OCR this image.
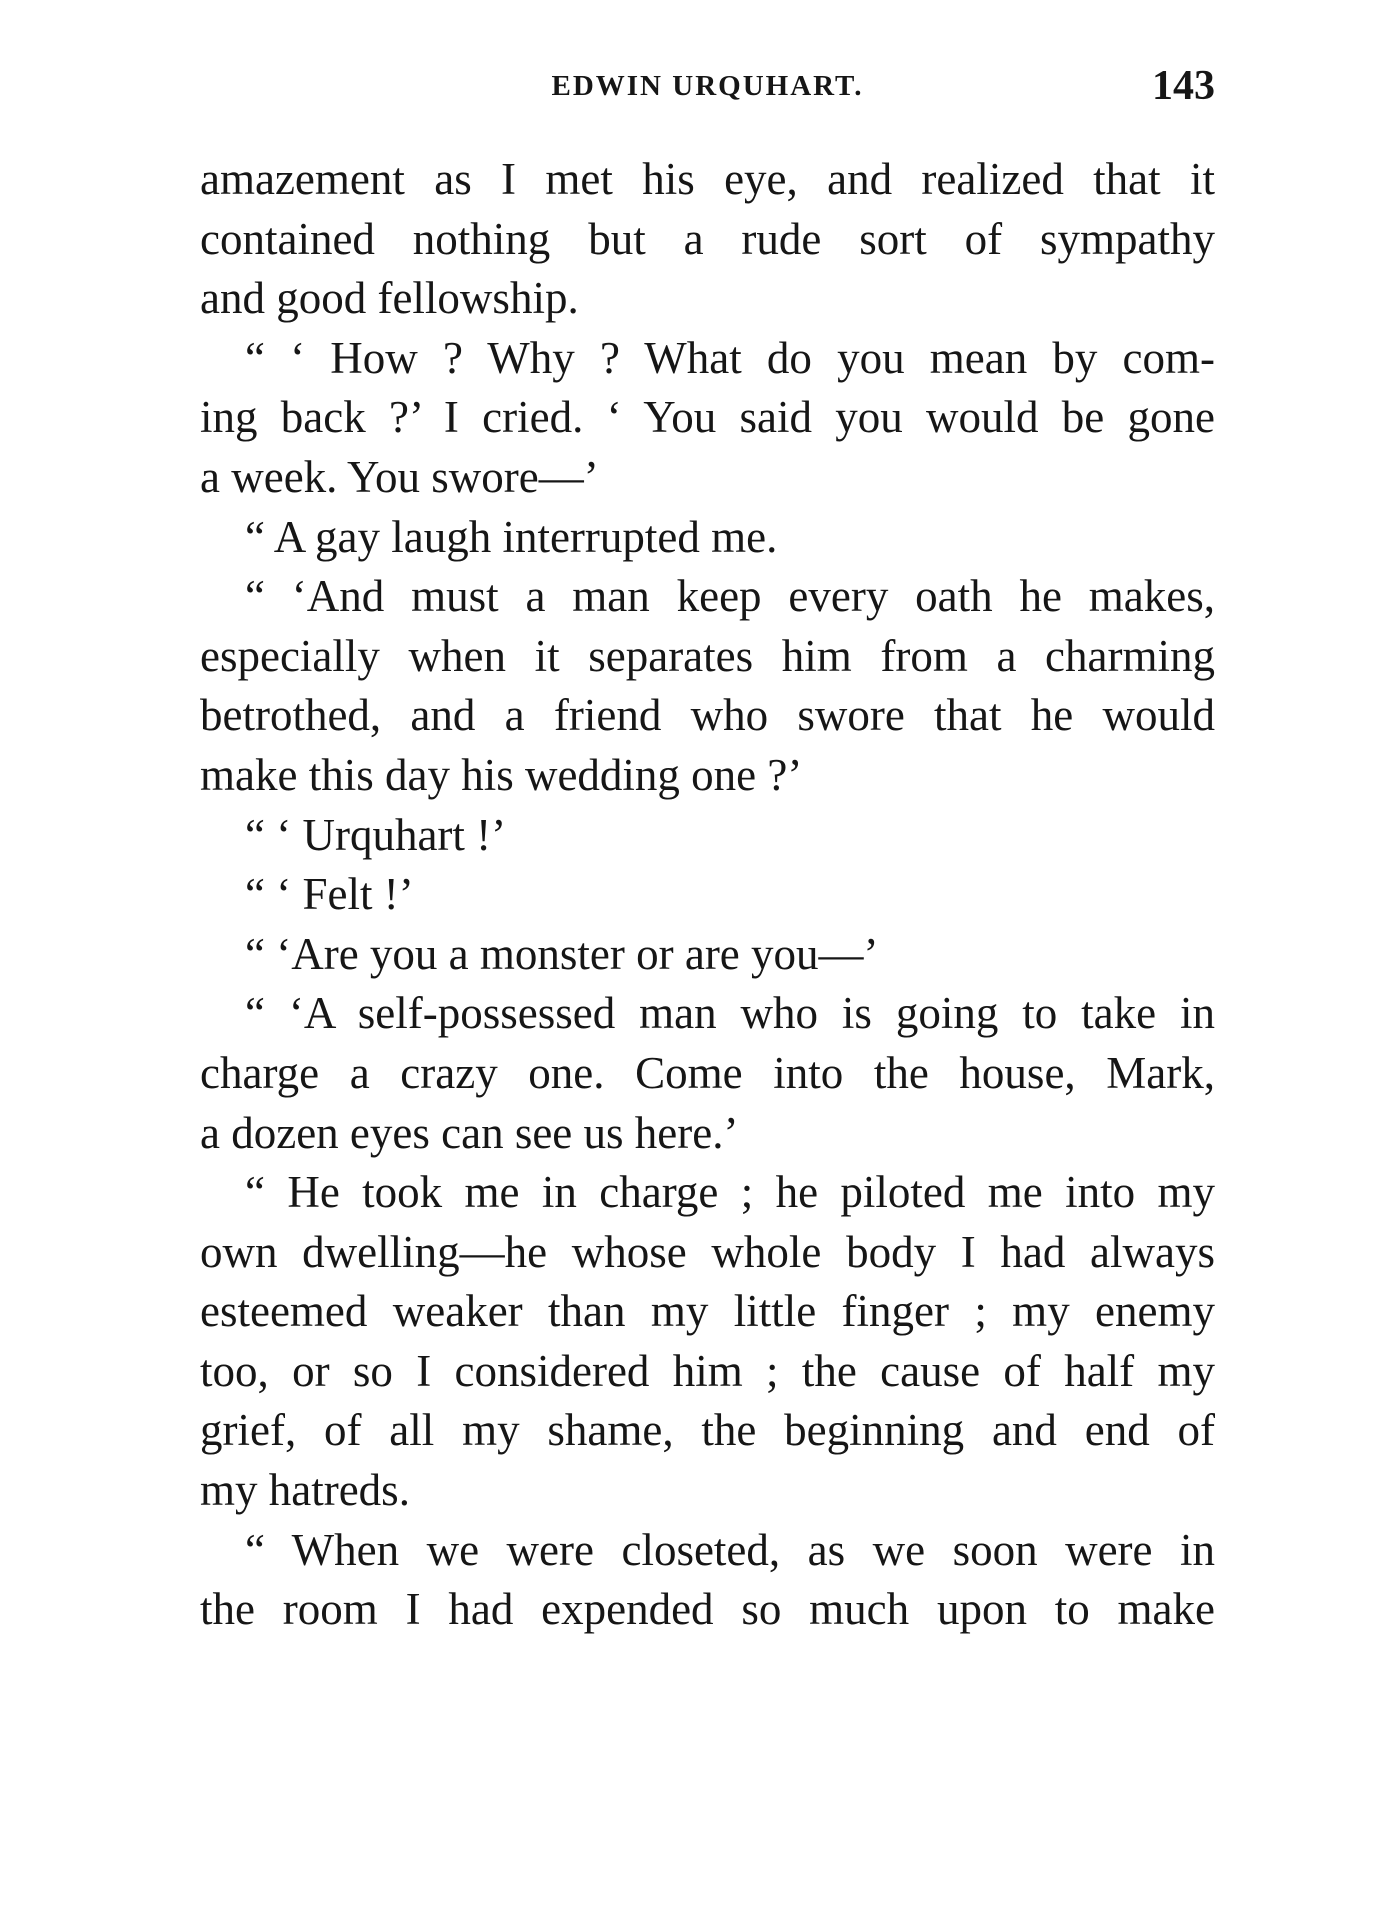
EDWIN URQUHART.	143
amazement as I met his eye, and realized that it
contained nothing but a rude sort of sympathy
and good fellowship.
“ ‘ How ? Why ? What do you mean by com-
ing back ?’ I cried. ‘ You said you would be gone
a week. You swore—’
“ A gay laugh interrupted me.
“ ‘And must a man keep every oath he makes,
especially when it separates him from a charming
betrothed, and a friend who swore that he would
make this day his wedding one ?’
“ ‘ Urquhart !’
“ ‘ Felt !’
“ ‘Are you a monster or are you—’
“ ‘A self-possessed man who is going to take in
charge a crazy one. Come into the house, Mark,
a dozen eyes can see us here.’
“ He took me in charge ; he piloted me into my
own dwelling—he whose whole body I had always
esteemed weaker than my little finger ; my enemy
too, or so I considered him ; the cause of half my
grief, of all my shame, the beginning and end of
my hatreds.
“ When we were closeted, as we soon were in
the room I had expended so much upon to make
